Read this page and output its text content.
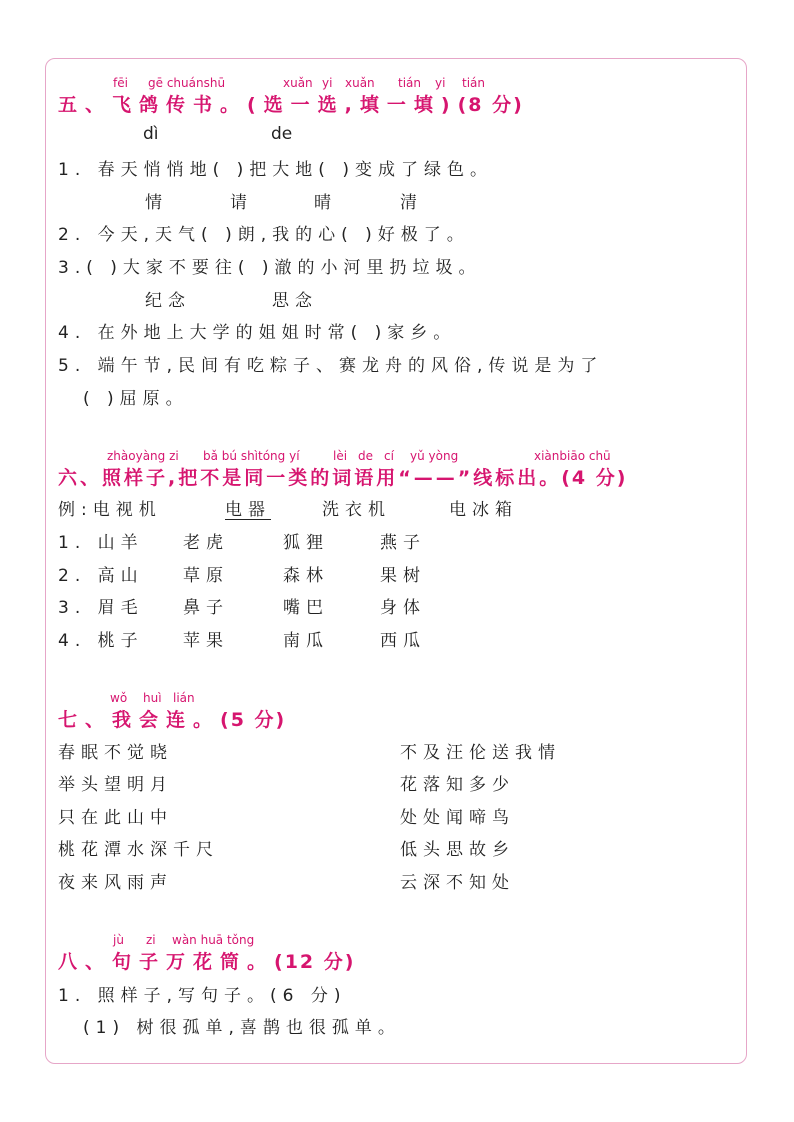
fēi gē chuánshū	xuǎn yi xuǎn tián yi tián
五、飞鸽传书。(选一选,填一填)(8 分)
dì	de
1. 春天悄悄地( )把大地( )变成了绿色。
情	请	晴	清
2. 今天,天气( )朗,我的心( )好极了。
3.( )大家不要往( )澈的小河里扔垃圾。
纪念	思念
4. 在外地上大学的姐姐时常( )家乡。
5. 端午节,民间有吃粽子、赛龙舟的风俗,传说是为了
( )屈原。
zhàoyàng zi bǎ bú shìtóng yí	lèi de cí yǔ yòng	xiànbiāo chū
六、照样子,把不是同一类的词语用“——”线标出。(4 分)
例:电视机	电器	洗衣机	电冰箱
1. 山羊 老虎	狐狸	燕子
2. 高山 草原	森林	果树
3. 眉毛 鼻子	嘴巴	身体
4. 桃子 苹果	南瓜	西瓜
wǒ huì lián
七、我会连。(5 分)
春眠不觉晓
举头望明月
只在此山中
桃花潭水深千尺
夜来风雨声
不及汪伦送我情
花落知多少
处处闻啼鸟
低头思故乡
云深不知处
jù zi wàn huā tǒng
八、句子万花筒。(12 分)
1. 照样子,写句子。(6 分)
(1) 树很孤单,喜鹊也很孤单。
